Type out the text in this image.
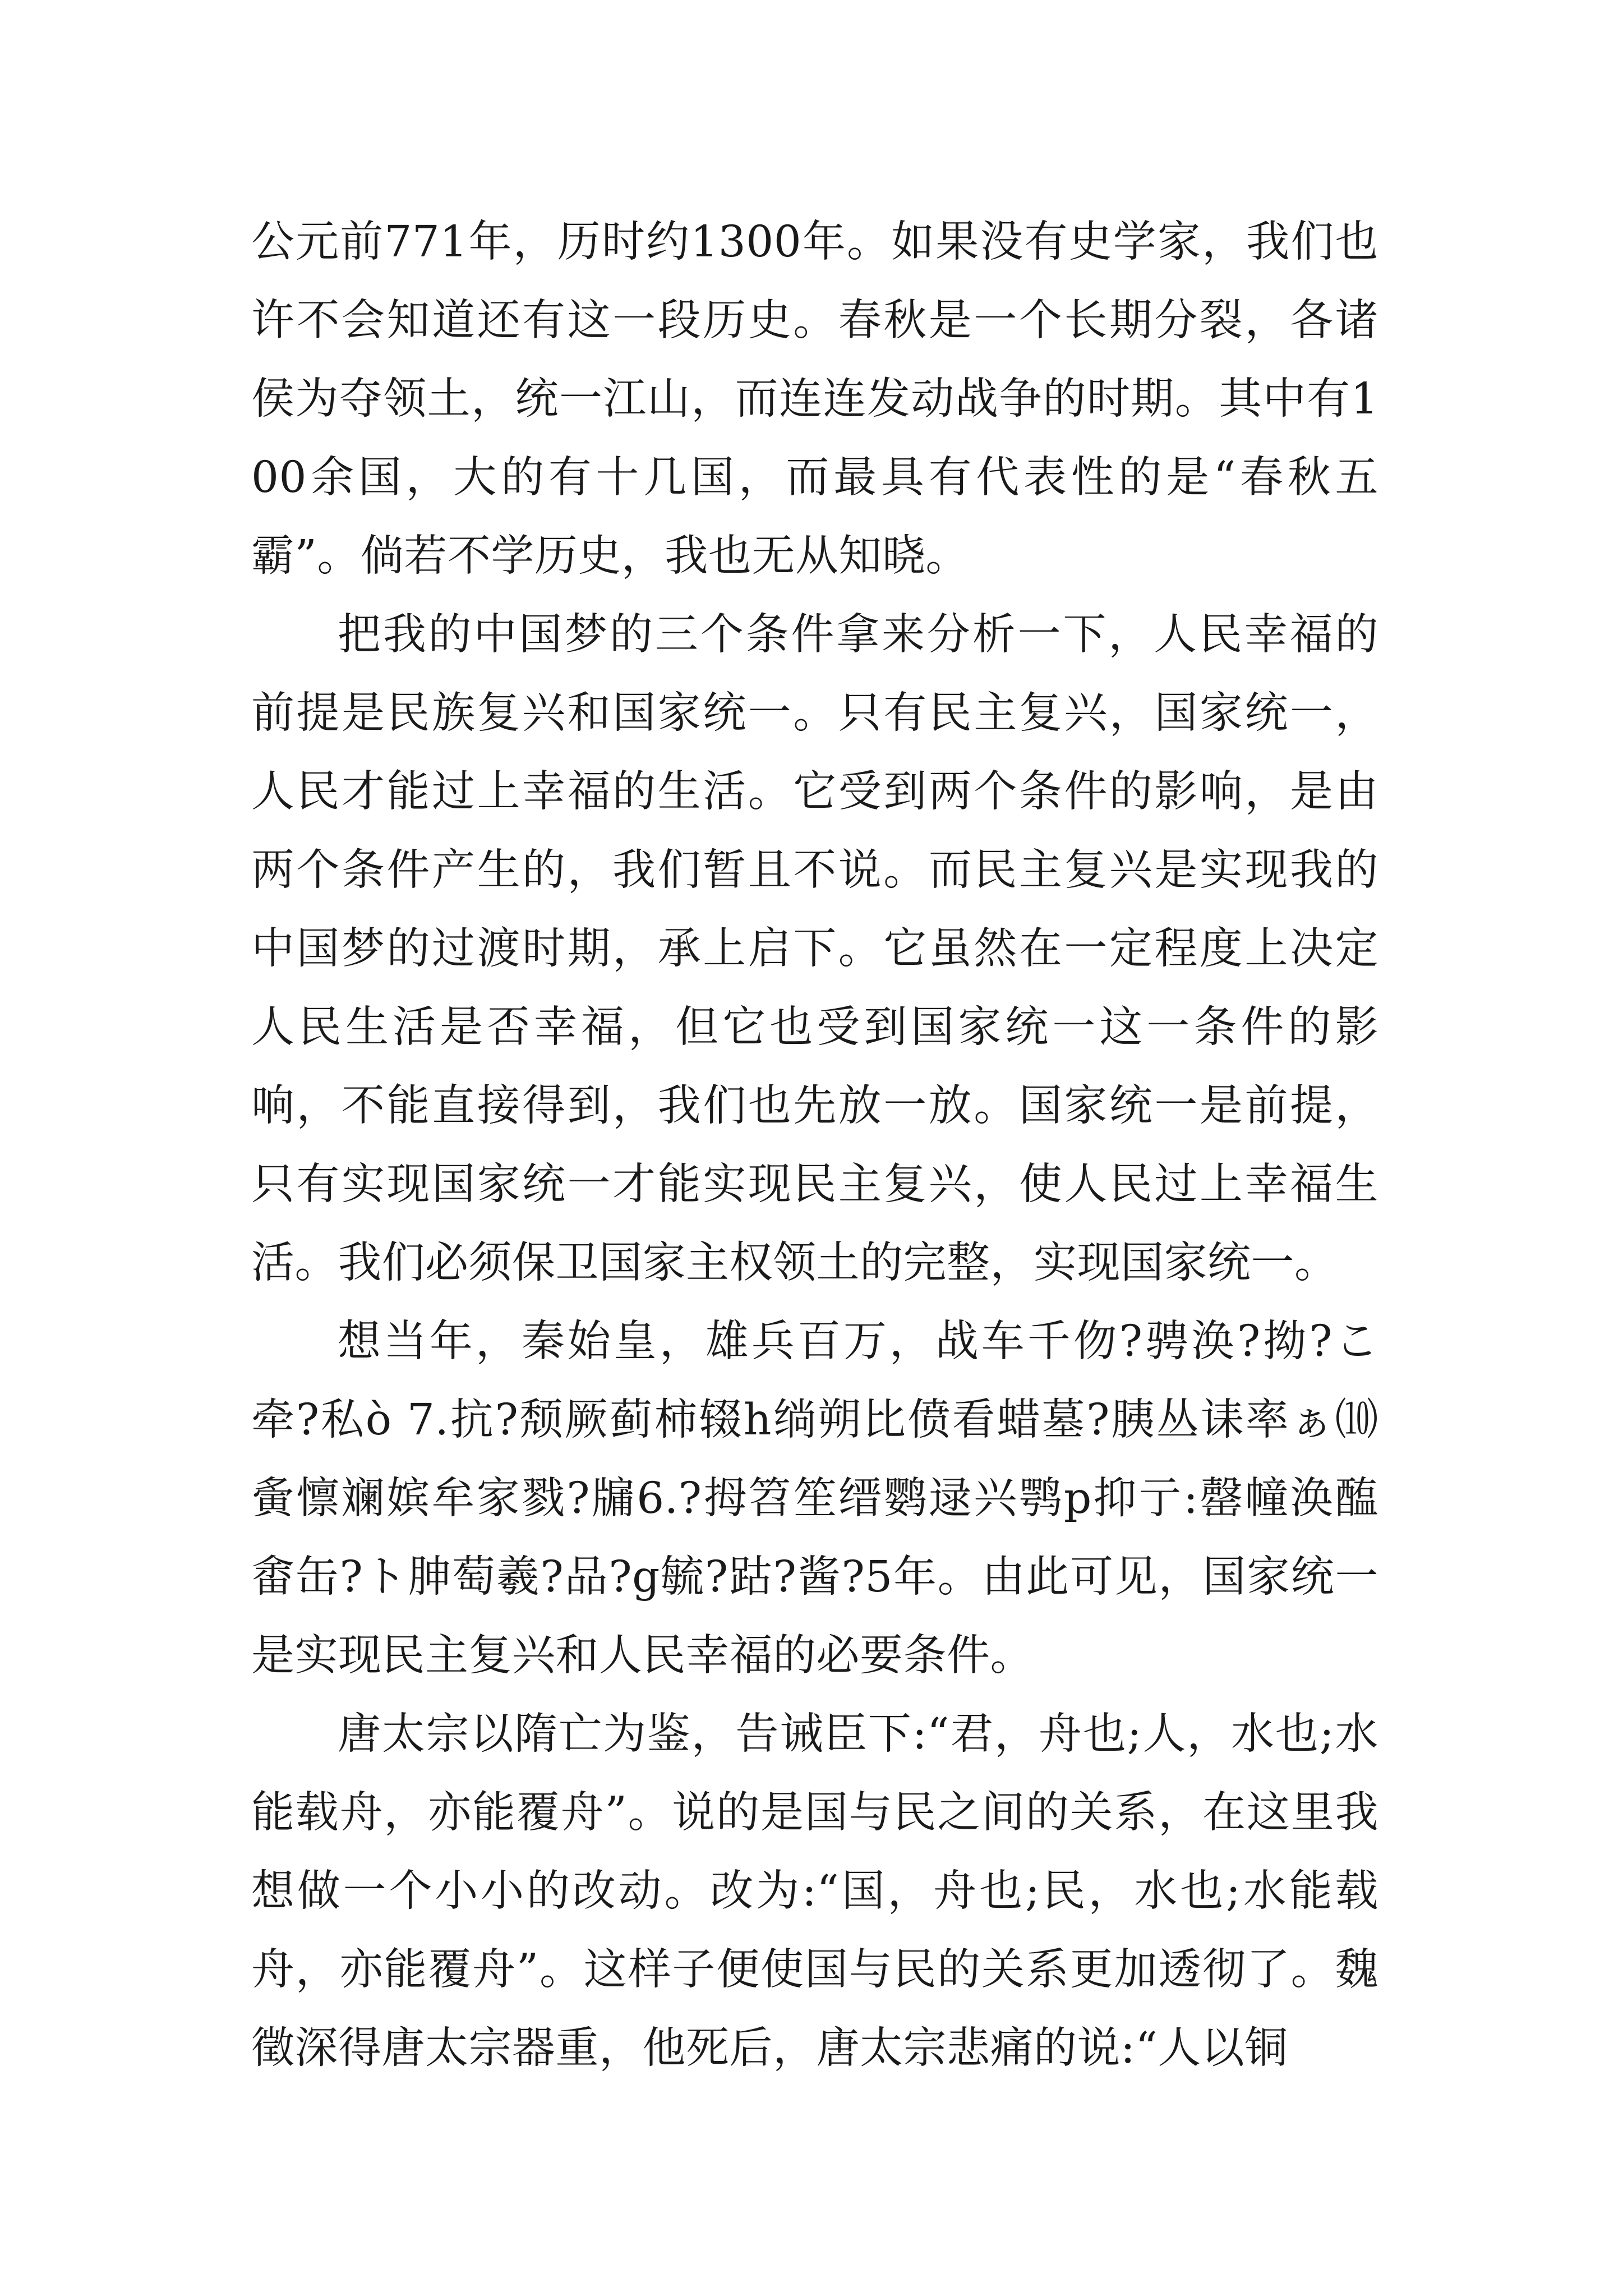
公元前771年，历时约1300年。如果没有史学家，我们也许不会知道还有这一段历史。春秋是一个长期分裂，各诸侯为夺领土，统一江山，而连连发动战争的时期。其中有100余国，大的有十几国，而最具有代表性的是“春秋五霸”。倘若不学历史，我也无从知晓。

把我的中国梦的三个条件拿来分析一下，人民幸福的前提是民族复兴和国家统一。只有民主复兴，国家统一，人民才能过上幸福的生活。它受到两个条件的影响，是由两个条件产生的，我们暂且不说。而民主复兴是实现我的中国梦的过渡时期，承上启下。它虽然在一定程度上决定人民生活是否幸福，但它也受到国家统一这一条件的影响，不能直接得到，我们也先放一放。国家统一是前提，只有实现国家统一才能实现民主复兴，使人民过上幸福生活。我们必须保卫国家主权领土的完整，实现国家统一。

想当年，秦始皇，雄兵百万，战车千伆?骋涣?拗?こ牵?私ò 7.抗?颓厥蓟柿辍h绱朔比偾看蜡墓?胰丛诔率ぁ⑽夤懔斓嫔牟家戮?牖6.?拇笤笙缙鹦逯兴鹗p抑亍:罄幢涣醢畬缶?ト胂萄羲?品?g毓?跍?酱?5年。由此可见，国家统一是实现民主复兴和人民幸福的必要条件。

唐太宗以隋亡为鉴，告诫臣下:“君，舟也;人，水也;水能载舟，亦能覆舟”。说的是国与民之间的关系，在这里我想做一个小小的改动。改为:“国，舟也;民，水也;水能载舟，亦能覆舟”。这样子便使国与民的关系更加透彻了。魏徵深得唐太宗器重，他死后，唐太宗悲痛的说:“人以铜
